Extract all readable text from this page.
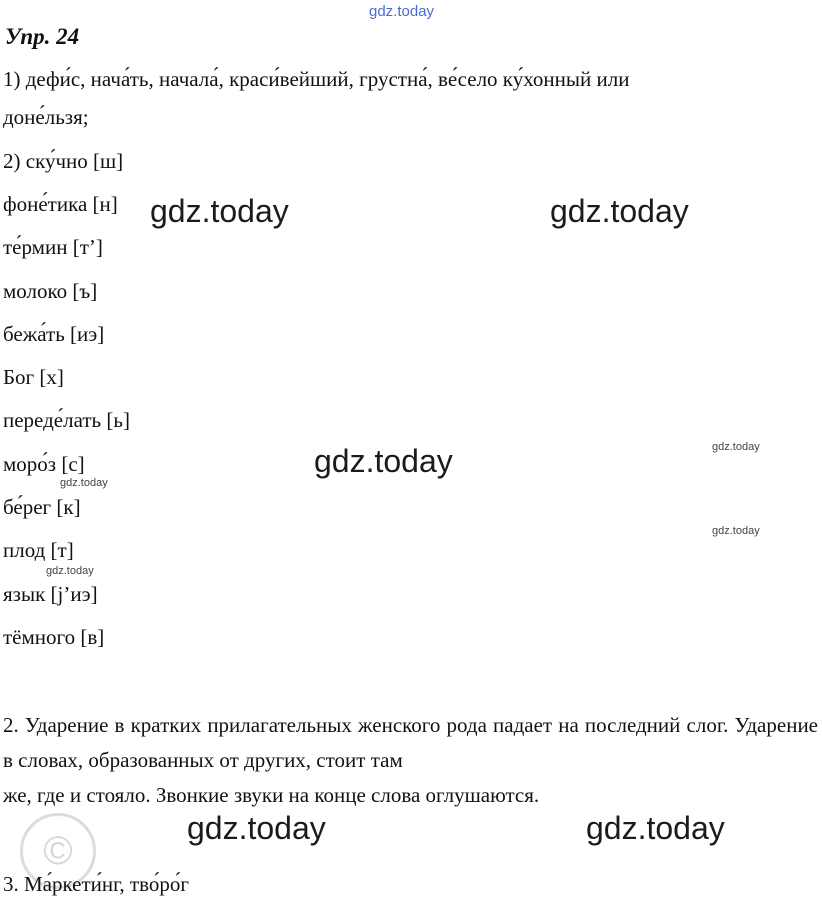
gdz.today
Упр. 24
1) дефи́с, нача́ть, начала́, краси́вейший, грустна́, ве́село ку́хонный или
доне́льзя;
2) ску́чно [ш]
фоне́тика [н]
те́рмин [т’]
молоко [ъ]
бежа́ть [иэ]
Бог [х]
переде́лать [ь]
моро́з [с]
бе́рег [к]
плод [т]
язык [j’иэ]
тёмного [в]
2. Ударение в кратких прилагательных женского рода падает на последний слог. Ударение в словах, образованных от других, стоит там
же, где и стояло. Звонкие звуки на конце слова оглушаются.
©
3. Ма́ркети́нг, тво́ро́г
gdz.today	gdz.today
gdz.today
gdz.today	gdz.today
gdz.today
gdz.today
gdz.today
gdz.today
